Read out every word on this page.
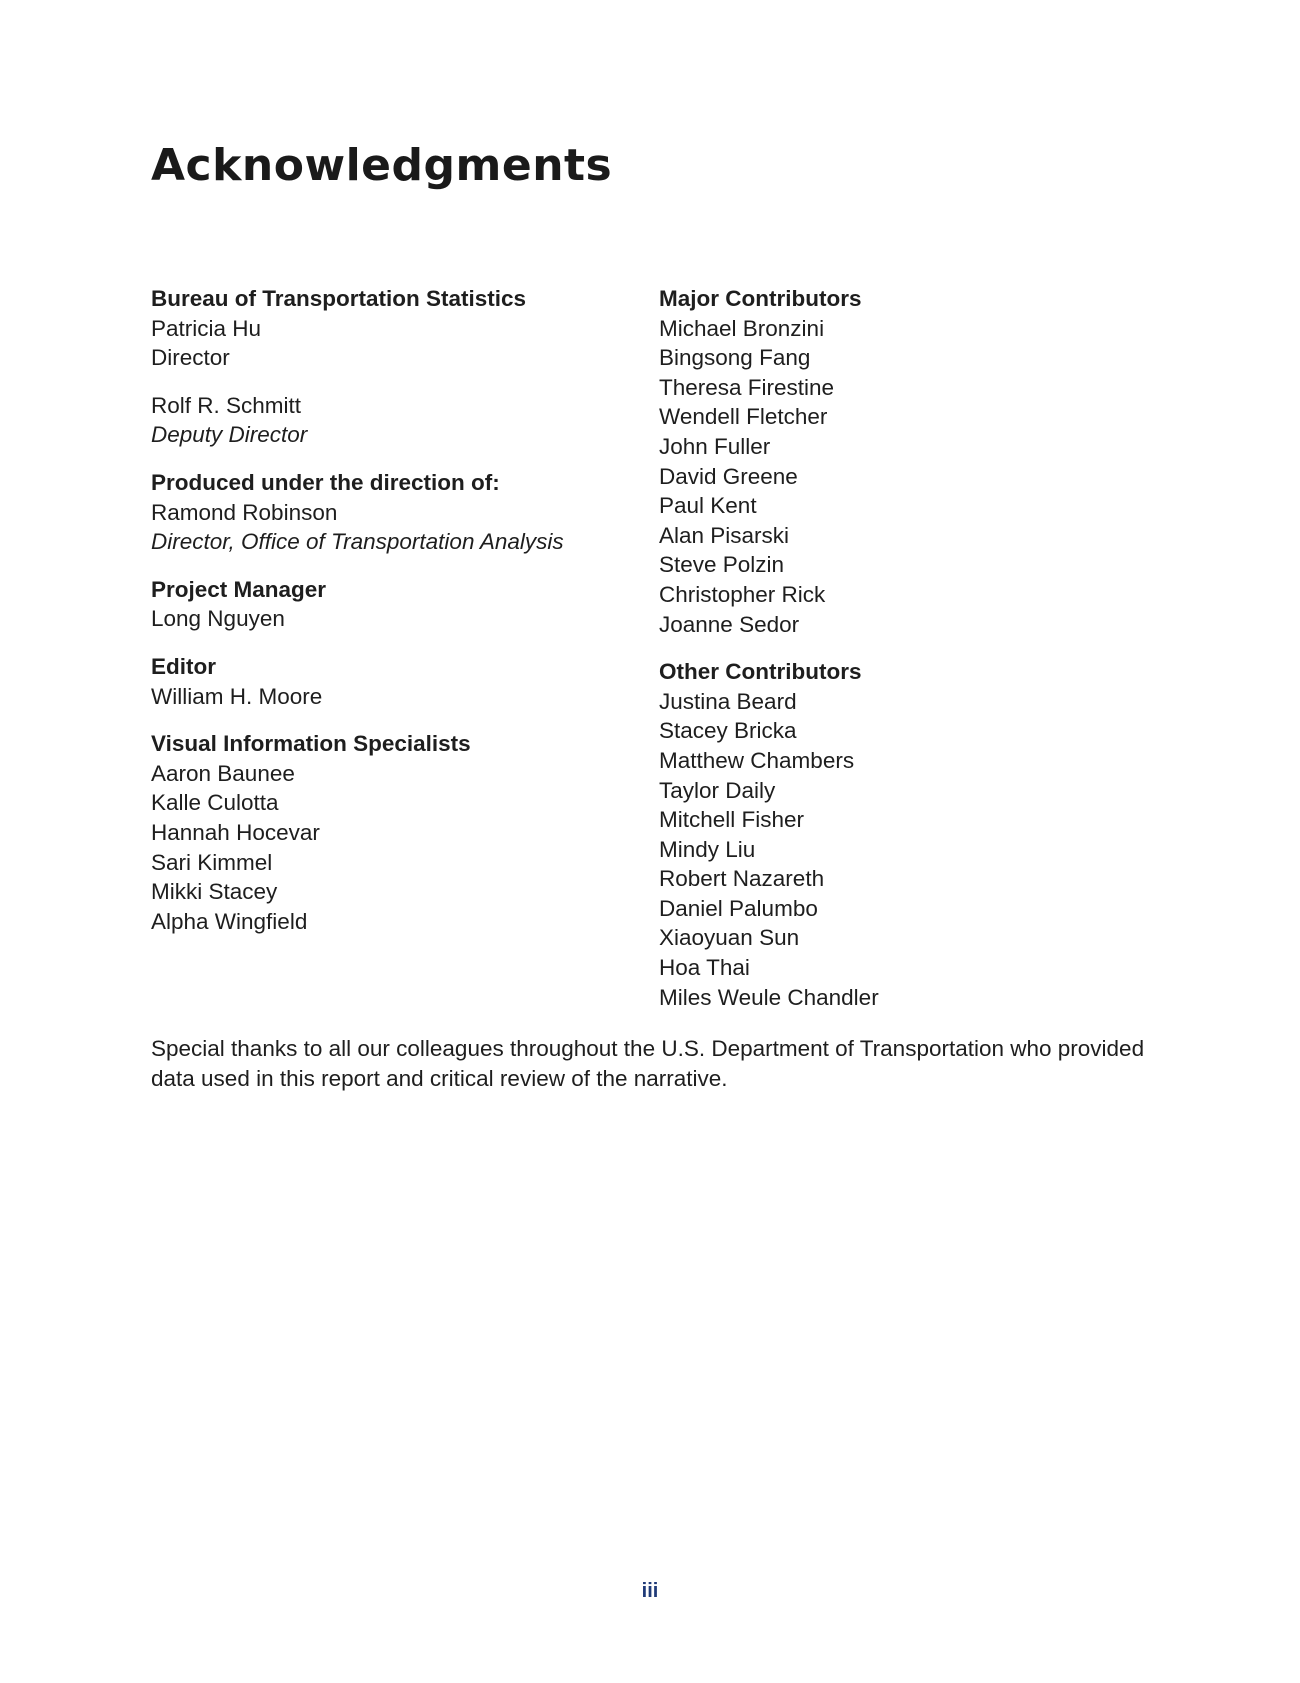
Acknowledgments
Bureau of Transportation Statistics
Patricia Hu
Director
Rolf R. Schmitt
Deputy Director
Produced under the direction of:
Ramond Robinson
Director, Office of Transportation Analysis
Project Manager
Long Nguyen
Editor
William H. Moore
Visual Information Specialists
Aaron Baunee
Kalle Culotta
Hannah Hocevar
Sari Kimmel
Mikki Stacey
Alpha Wingfield
Major Contributors
Michael Bronzini
Bingsong Fang
Theresa Firestine
Wendell Fletcher
John Fuller
David Greene
Paul Kent
Alan Pisarski
Steve Polzin
Christopher Rick
Joanne Sedor
Other Contributors
Justina Beard
Stacey Bricka
Matthew Chambers
Taylor Daily
Mitchell Fisher
Mindy Liu
Robert Nazareth
Daniel Palumbo
Xiaoyuan Sun
Hoa Thai
Miles Weule Chandler

Special thanks to all our colleagues throughout the U.S. Department of Transportation who provided data used in this report and critical review of the narrative.

iii
